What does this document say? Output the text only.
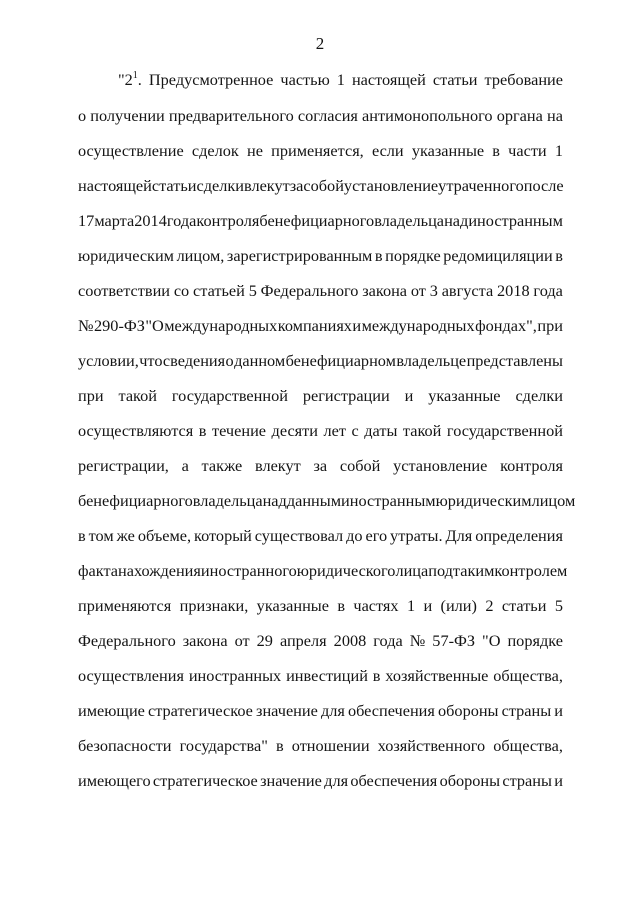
2
"$2^1$. Предусмотренное частью 1 настоящей статьи требование
о получении предварительного согласия антимонопольного органа на
осуществление сделок не применяется, если указанные в части 1
настоящей статьи сделки влекут за собой установление утраченного после
17 марта 2014 года контроля бенефициарного владельца над иностранным
юридическим лицом, зарегистрированным в порядке редомициляции в
соответствии со статьей 5 Федерального закона от 3 августа 2018 года
№ 290-ФЗ "О международных компаниях и международных фондах", при
условии, что сведения о данном бенефициарном владельце представлены
при такой государственной регистрации и указанные сделки
осуществляются в течение десяти лет с даты такой государственной
регистрации, а также влекут за собой установление контроля
бенефициарного владельца над данным иностранным юридическим лицом
в том же объеме, который существовал до его утраты. Для определения
факта нахождения иностранного юридического лица под таким контролем
применяются признаки, указанные в частях 1 и (или) 2 статьи 5
Федерального закона от 29 апреля 2008 года № 57-ФЗ "О порядке
осуществления иностранных инвестиций в хозяйственные общества,
имеющие стратегическое значение для обеспечения обороны страны и
безопасности государства" в отношении хозяйственного общества,
имеющего стратегическое значение для обеспечения обороны страны и
